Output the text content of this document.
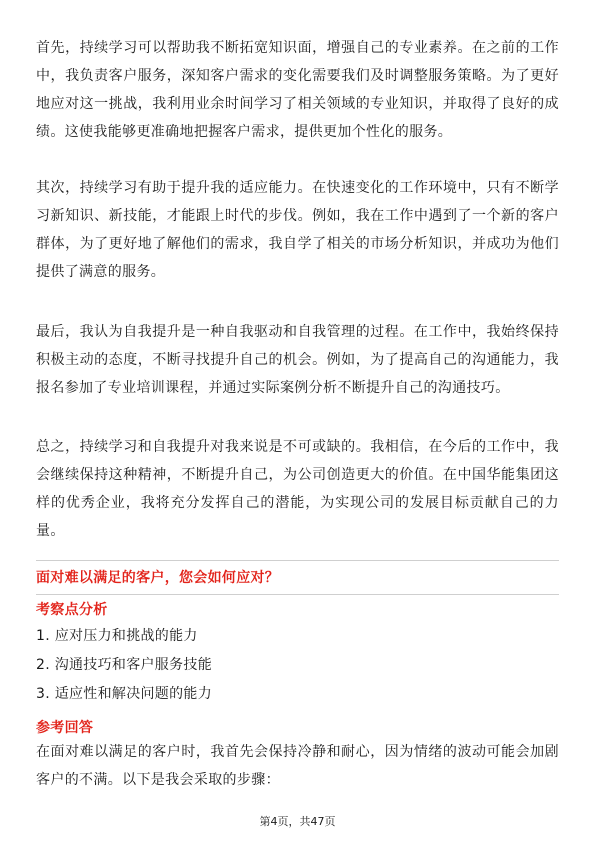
首先，持续学习可以帮助我不断拓宽知识面，增强自己的专业素养。在之前的工作中，我负责客户服务，深知客户需求的变化需要我们及时调整服务策略。为了更好地应对这一挑战，我利用业余时间学习了相关领域的专业知识，并取得了良好的成绩。这使我能够更准确地把握客户需求，提供更加个性化的服务。

其次，持续学习有助于提升我的适应能力。在快速变化的工作环境中，只有不断学习新知识、新技能，才能跟上时代的步伐。例如，我在工作中遇到了一个新的客户群体，为了更好地了解他们的需求，我自学了相关的市场分析知识，并成功为他们提供了满意的服务。

最后，我认为自我提升是一种自我驱动和自我管理的过程。在工作中，我始终保持积极主动的态度，不断寻找提升自己的机会。例如，为了提高自己的沟通能力，我报名参加了专业培训课程，并通过实际案例分析不断提升自己的沟通技巧。

总之，持续学习和自我提升对我来说是不可或缺的。我相信，在今后的工作中，我会继续保持这种精神，不断提升自己，为公司创造更大的价值。在中国华能集团这样的优秀企业，我将充分发挥自己的潜能，为实现公司的发展目标贡献自己的力量。

面对难以满足的客户，您会如何应对？
考察点分析
1. 应对压力和挑战的能力
2. 沟通技巧和客户服务技能
3. 适应性和解决问题的能力
参考回答

在面对难以满足的客户时，我首先会保持冷静和耐心，因为情绪的波动可能会加剧客户的不满。以下是我会采取的步骤：

第4页，共47页
